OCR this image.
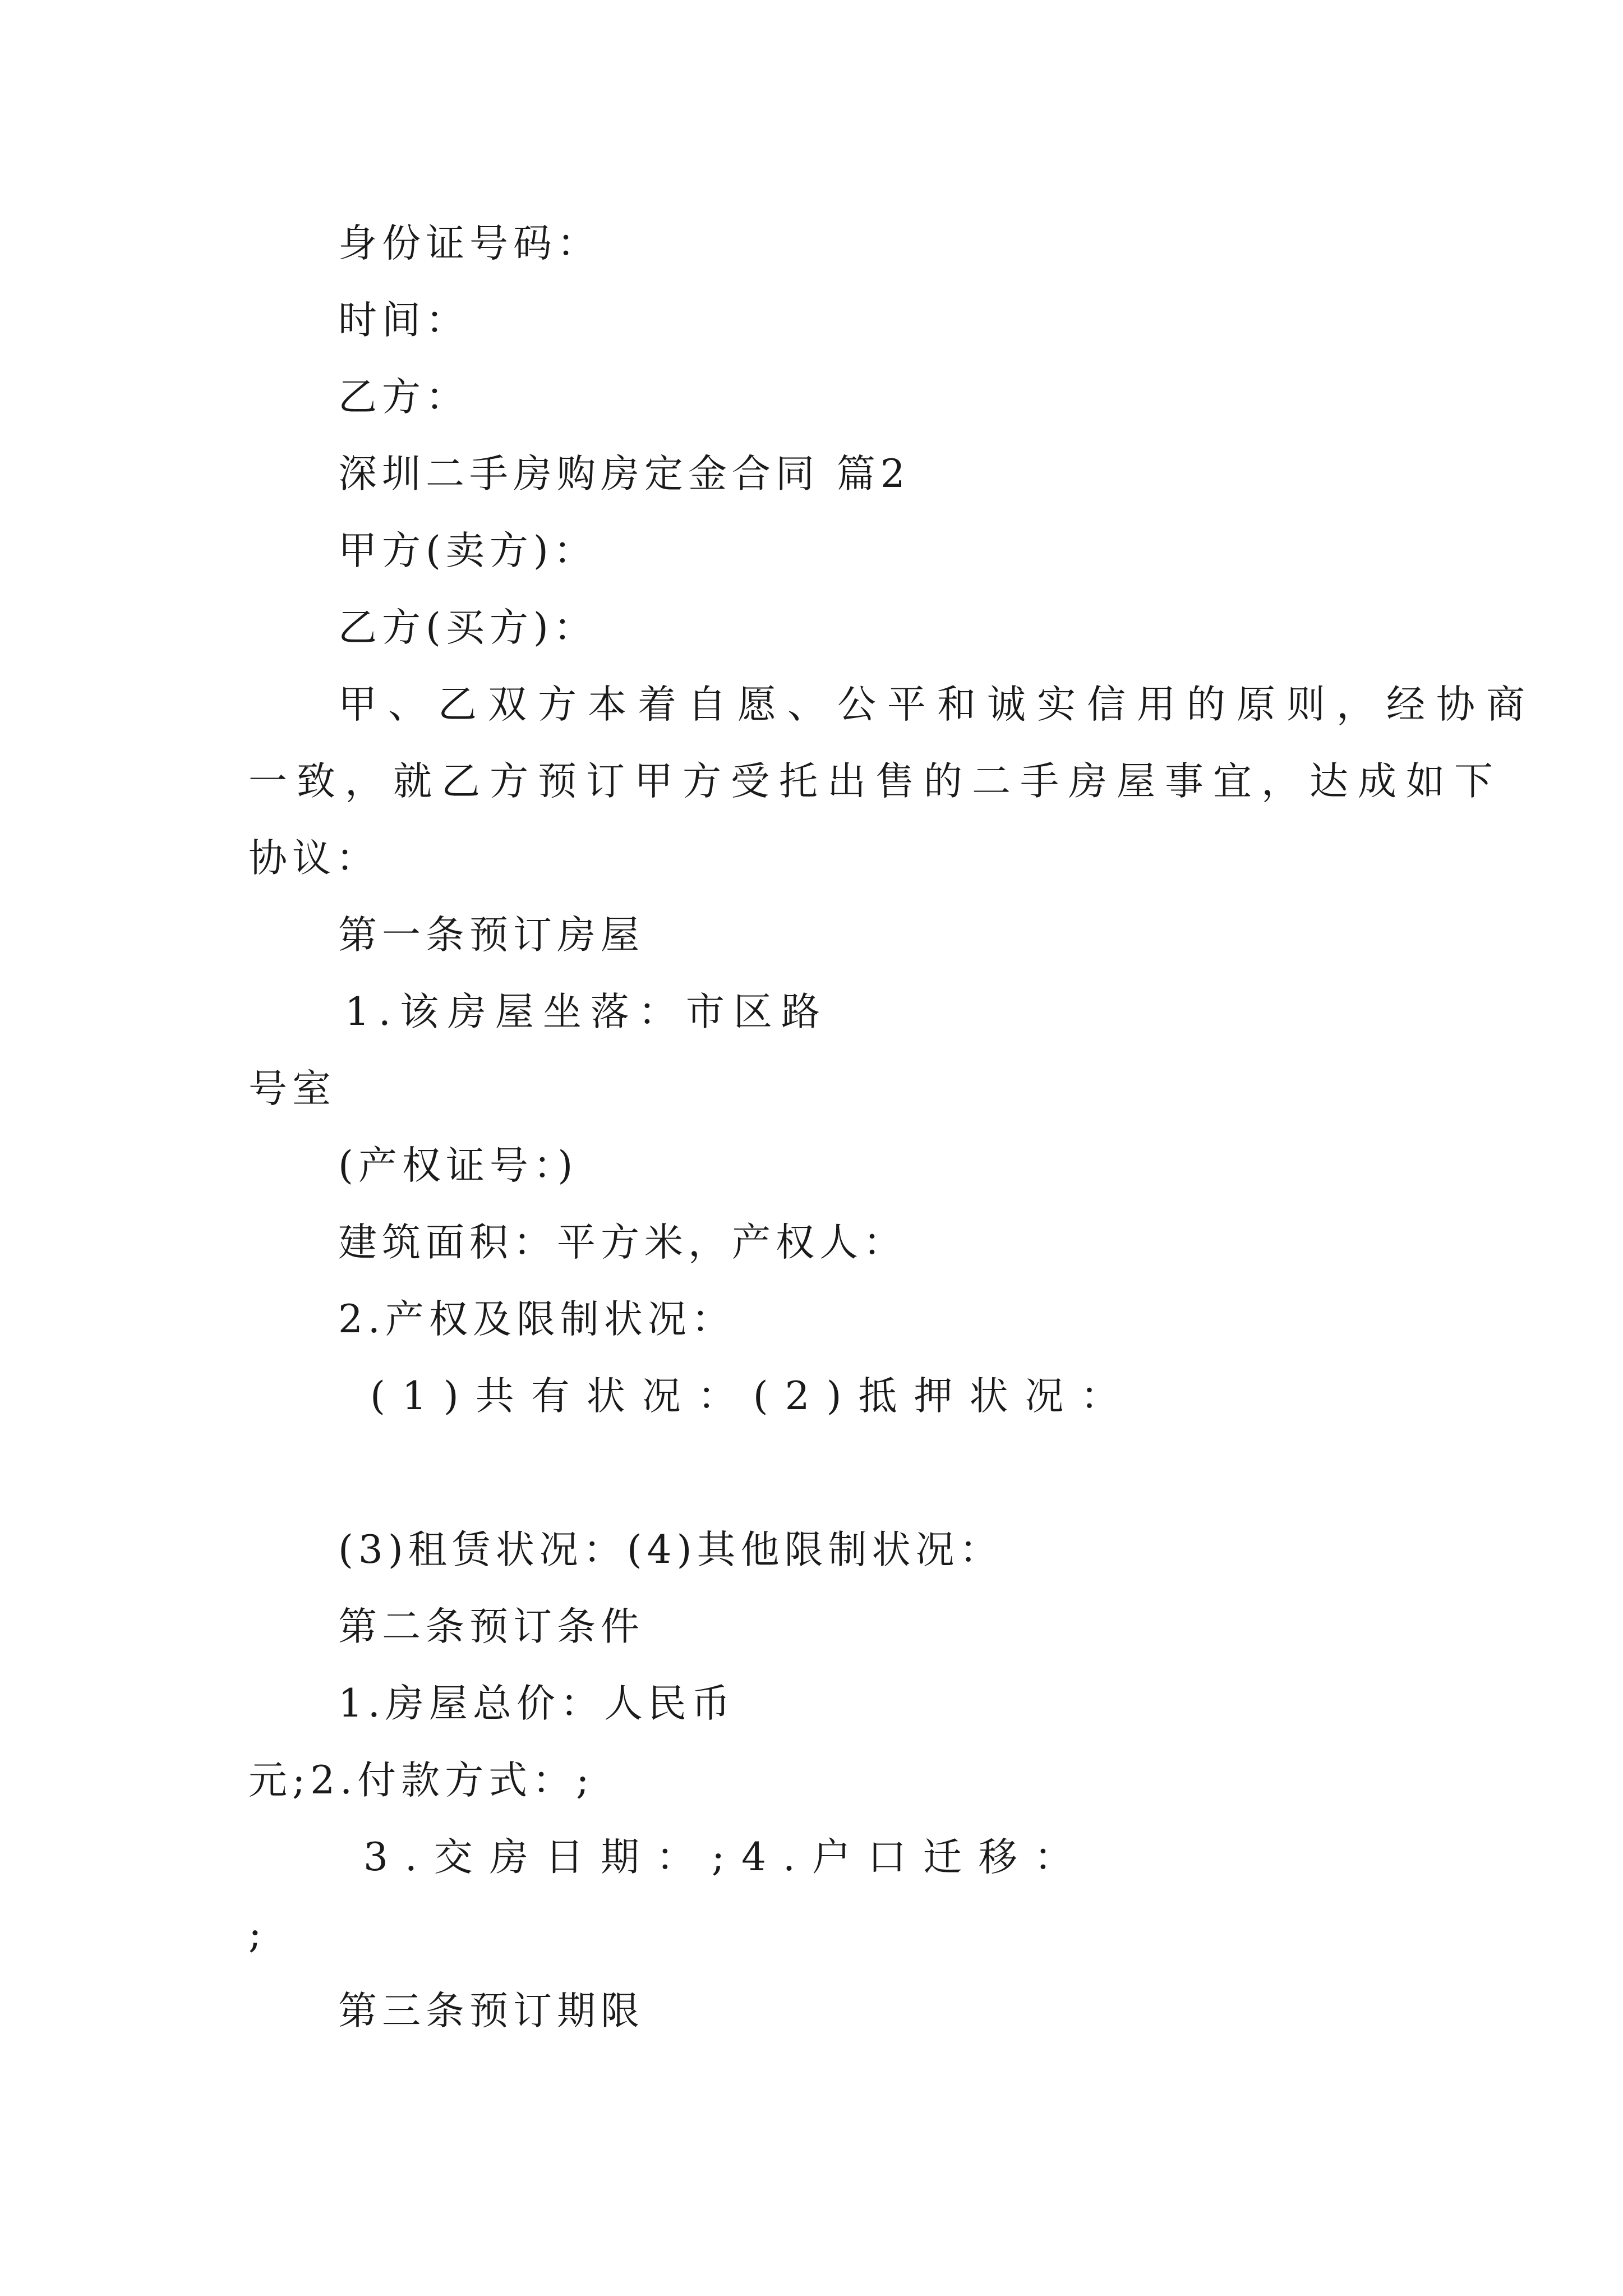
身份证号码：

时间：

乙方：

深圳二手房购房定金合同 篇2

甲方(卖方)：

乙方(买方)：

甲、乙双方本着自愿、公平和诚实信用的原则，经协商

一致，就乙方预订甲方受托出售的二手房屋事宜，达成如下

协议：

第一条预订房屋

1.该房屋坐落：市区路

号室

(产权证号：)

建筑面积：平方米，产权人：

2.产权及限制状况：

(1)共有状况：(2)抵押状况：

(3)租赁状况：(4)其他限制状况：

第二条预订条件

1.房屋总价：人民币

元;2.付款方式：;

3.交房日期：;4.户口迁移：

;

第三条预订期限
